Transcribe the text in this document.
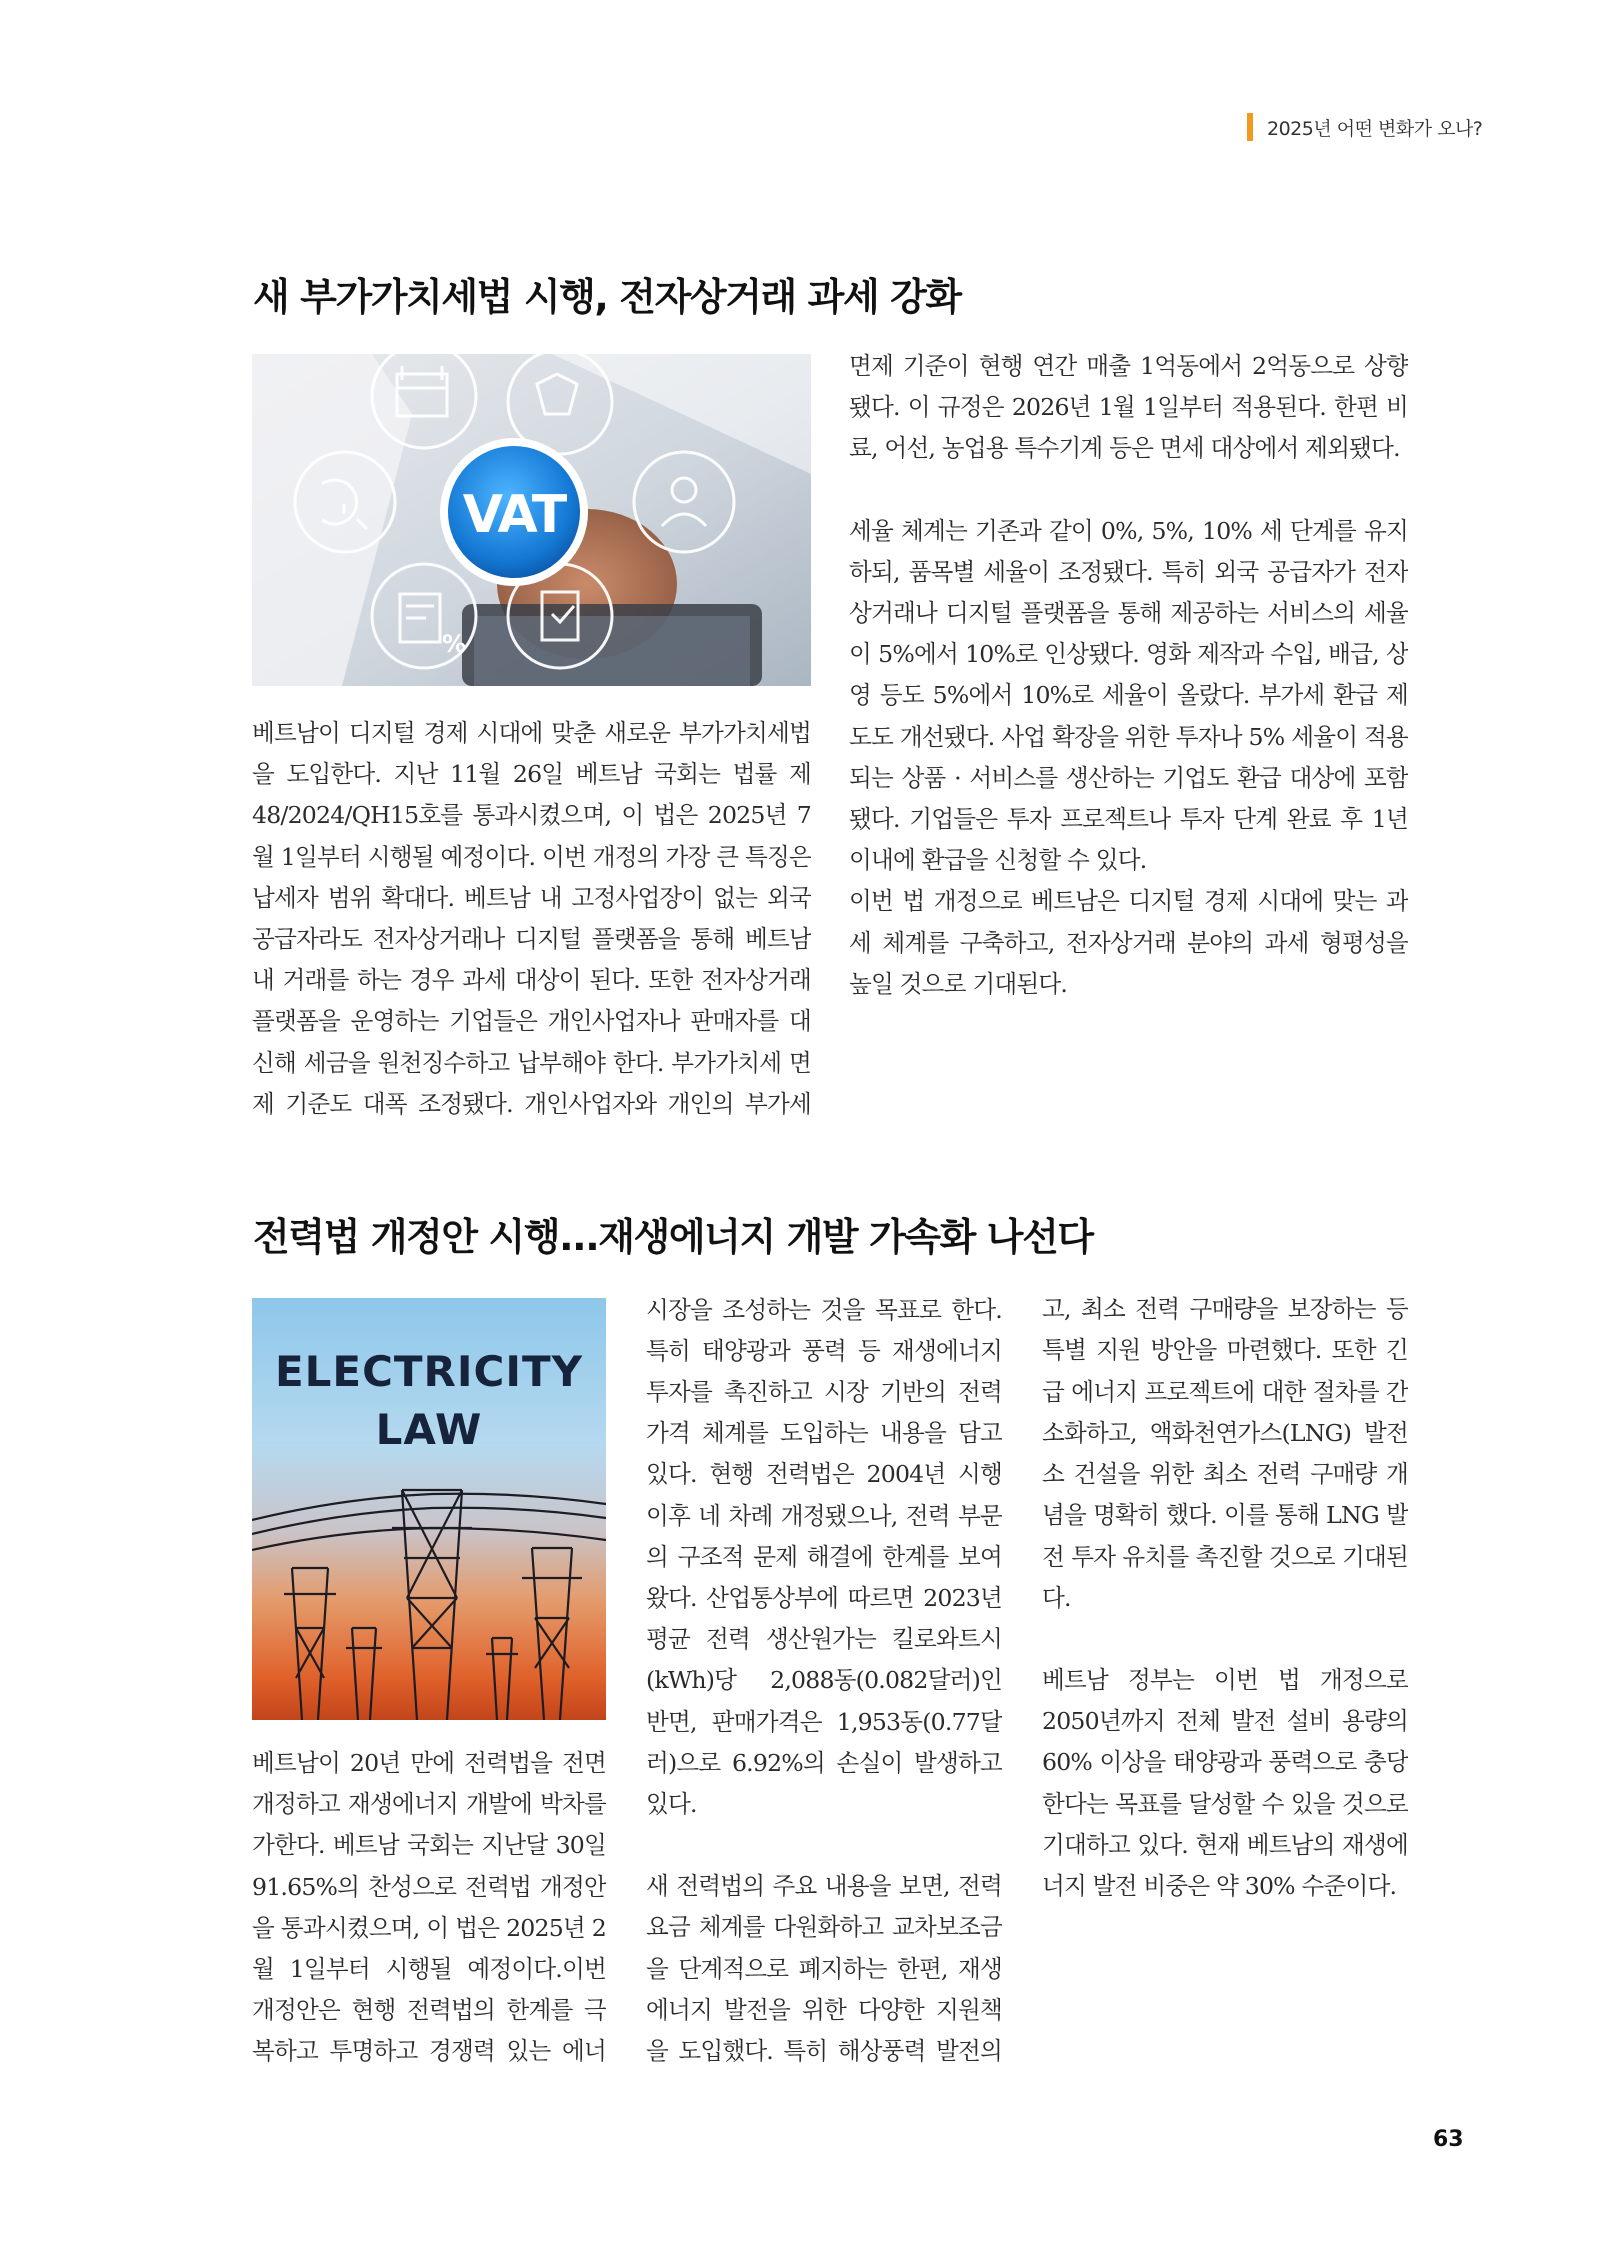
2025년 어떤 변화가 오나?
새 부가가치세법 시행, 전자상거래 과세 강화
%
VAT

베트남이 디지털 경제 시대에 맞춘 새로운 부가가치세법을 도입한다. 지난 11월 26일 베트남 국회는 법률 제48/2024/QH15호를 통과시켰으며, 이 법은 2025년 7월 1일부터 시행될 예정이다. 이번 개정의 가장 큰 특징은 납세자 범위 확대다. 베트남 내 고정사업장이 없는 외국 공급자라도 전자상거래나 디지털 플랫폼을 통해 베트남 내 거래를 하는 경우 과세 대상이 된다. 또한 전자상거래 플랫폼을 운영하는 기업들은 개인사업자나 판매자를 대신해 세금을 원천징수하고 납부해야 한다. 부가가치세 면제 기준도 대폭 조정됐다. 개인사업자와 개인의 부가세

면제 기준이 현행 연간 매출 1억동에서 2억동으로 상향됐다. 이 규정은 2026년 1월 1일부터 적용된다. 한편 비료, 어선, 농업용 특수기계 등은 면세 대상에서 제외됐다.

세율 체계는 기존과 같이 0%, 5%, 10% 세 단계를 유지하되, 품목별 세율이 조정됐다. 특히 외국 공급자가 전자상거래나 디지털 플랫폼을 통해 제공하는 서비스의 세율이 5%에서 10%로 인상됐다. 영화 제작과 수입, 배급, 상영 등도 5%에서 10%로 세율이 올랐다. 부가세 환급 제도도 개선됐다. 사업 확장을 위한 투자나 5% 세율이 적용되는 상품 · 서비스를 생산하는 기업도 환급 대상에 포함됐다. 기업들은 투자 프로젝트나 투자 단계 완료 후 1년 이내에 환급을 신청할 수 있다.

이번 법 개정으로 베트남은 디지털 경제 시대에 맞는 과세 체계를 구축하고, 전자상거래 분야의 과세 형평성을 높일 것으로 기대된다.

전력법 개정안 시행...재생에너지 개발 가속화 나선다
ELECTRICITY
LAW

베트남이 20년 만에 전력법을 전면 개정하고 재생에너지 개발에 박차를 가한다. 베트남 국회는 지난달 30일 91.65%의 찬성으로 전력법 개정안을 통과시켰으며, 이 법은 2025년 2월 1일부터 시행될 예정이다.이번 개정안은 현행 전력법의 한계를 극복하고 투명하고 경쟁력 있는 에너

시장을 조성하는 것을 목표로 한다. 특히 태양광과 풍력 등 재생에너지 투자를 촉진하고 시장 기반의 전력 가격 체계를 도입하는 내용을 담고 있다. 현행 전력법은 2004년 시행 이후 네 차례 개정됐으나, 전력 부문의 구조적 문제 해결에 한계를 보여왔다. 산업통상부에 따르면 2023년 평균 전력 생산원가는 킬로와트시(kWh)당 2,088동(0.082달러)인 반면, 판매가격은 1,953동(0.77달러)으로 6.92%의 손실이 발생하고 있다.

새 전력법의 주요 내용을 보면, 전력 요금 체계를 다원화하고 교차보조금을 단계적으로 폐지하는 한편, 재생에너지 발전을 위한 다양한 지원책을 도입했다. 특히 해상풍력 발전의

고, 최소 전력 구매량을 보장하는 등 특별 지원 방안을 마련했다. 또한 긴급 에너지 프로젝트에 대한 절차를 간소화하고, 액화천연가스(LNG) 발전소 건설을 위한 최소 전력 구매량 개념을 명확히 했다. 이를 통해 LNG 발전 투자 유치를 촉진할 것으로 기대된다.

베트남 정부는 이번 법 개정으로 2050년까지 전체 발전 설비 용량의 60% 이상을 태양광과 풍력으로 충당한다는 목표를 달성할 수 있을 것으로 기대하고 있다. 현재 베트남의 재생에너지 발전 비중은 약 30% 수준이다.

63
